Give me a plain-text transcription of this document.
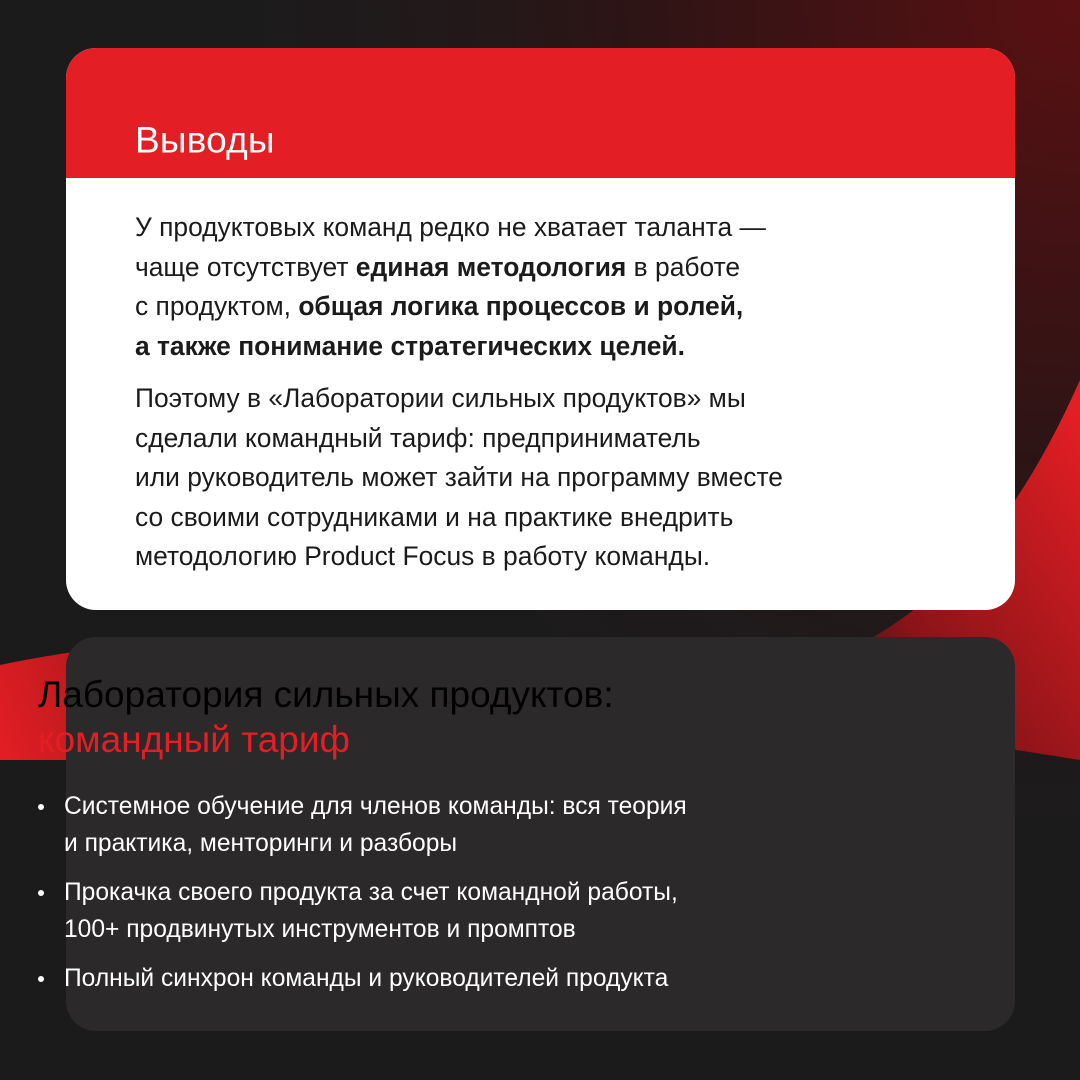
Выводы

У продуктовых команд редко не хватает таланта —
чаще отсутствует единая методология в работе
с продуктом, общая логика процессов и ролей,
а также понимание стратегических целей.

Поэтому в «Лаборатории сильных продуктов» мы
сделали командный тариф: предприниматель
или руководитель может зайти на программу вместе
со своими сотрудниками и на практике внедрить
методологию Product Focus в работу команды.

Лаборатория сильных продуктов:
командный тариф
Системное обучение для членов команды: вся теория
и практика, менторинги и разборы
Прокачка своего продукта за счет командной работы,
100+ продвинутых инструментов и промптов
Полный синхрон команды и руководителей продукта
